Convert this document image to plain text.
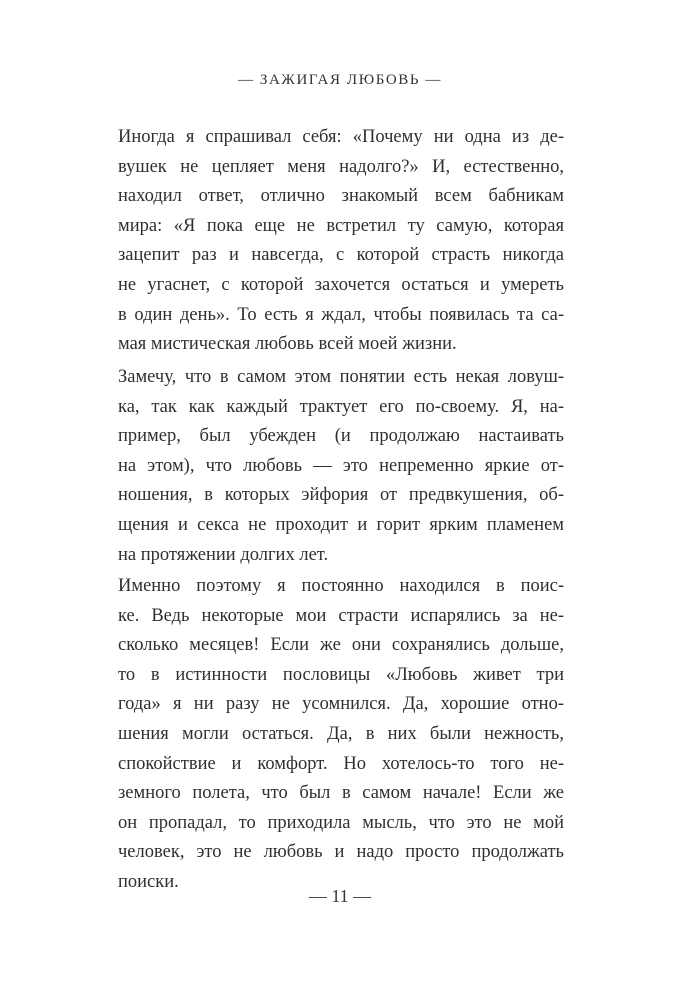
— ЗАЖИГАЯ ЛЮБОВЬ —
Иногда я спрашивал себя: «Почему ни одна из де-
вушек не цепляет меня надолго?» И, естественно,
находил ответ, отлично знакомый всем бабникам
мира: «Я пока еще не встретил ту самую, которая
зацепит раз и навсегда, с которой страсть никогда
не угаснет, с которой захочется остаться и умереть
в один день». То есть я ждал, чтобы появилась та са-
мая мистическая любовь всей моей жизни.
Замечу, что в самом этом понятии есть некая ловуш-
ка, так как каждый трактует его по-своему. Я, на-
пример, был убежден (и продолжаю настаивать
на этом), что любовь — это непременно яркие от-
ношения, в которых эйфория от предвкушения, об-
щения и секса не проходит и горит ярким пламенем
на протяжении долгих лет.
Именно поэтому я постоянно находился в поис-
ке. Ведь некоторые мои страсти испарялись за не-
сколько месяцев! Если же они сохранялись дольше,
то в истинности пословицы «Любовь живет три
года» я ни разу не усомнился. Да, хорошие отно-
шения могли остаться. Да, в них были нежность,
спокойствие и комфорт. Но хотелось-то того не-
земного полета, что был в самом начале! Если же
он пропадал, то приходила мысль, что это не мой
человек, это не любовь и надо просто продолжать
поиски.
— 11 —
